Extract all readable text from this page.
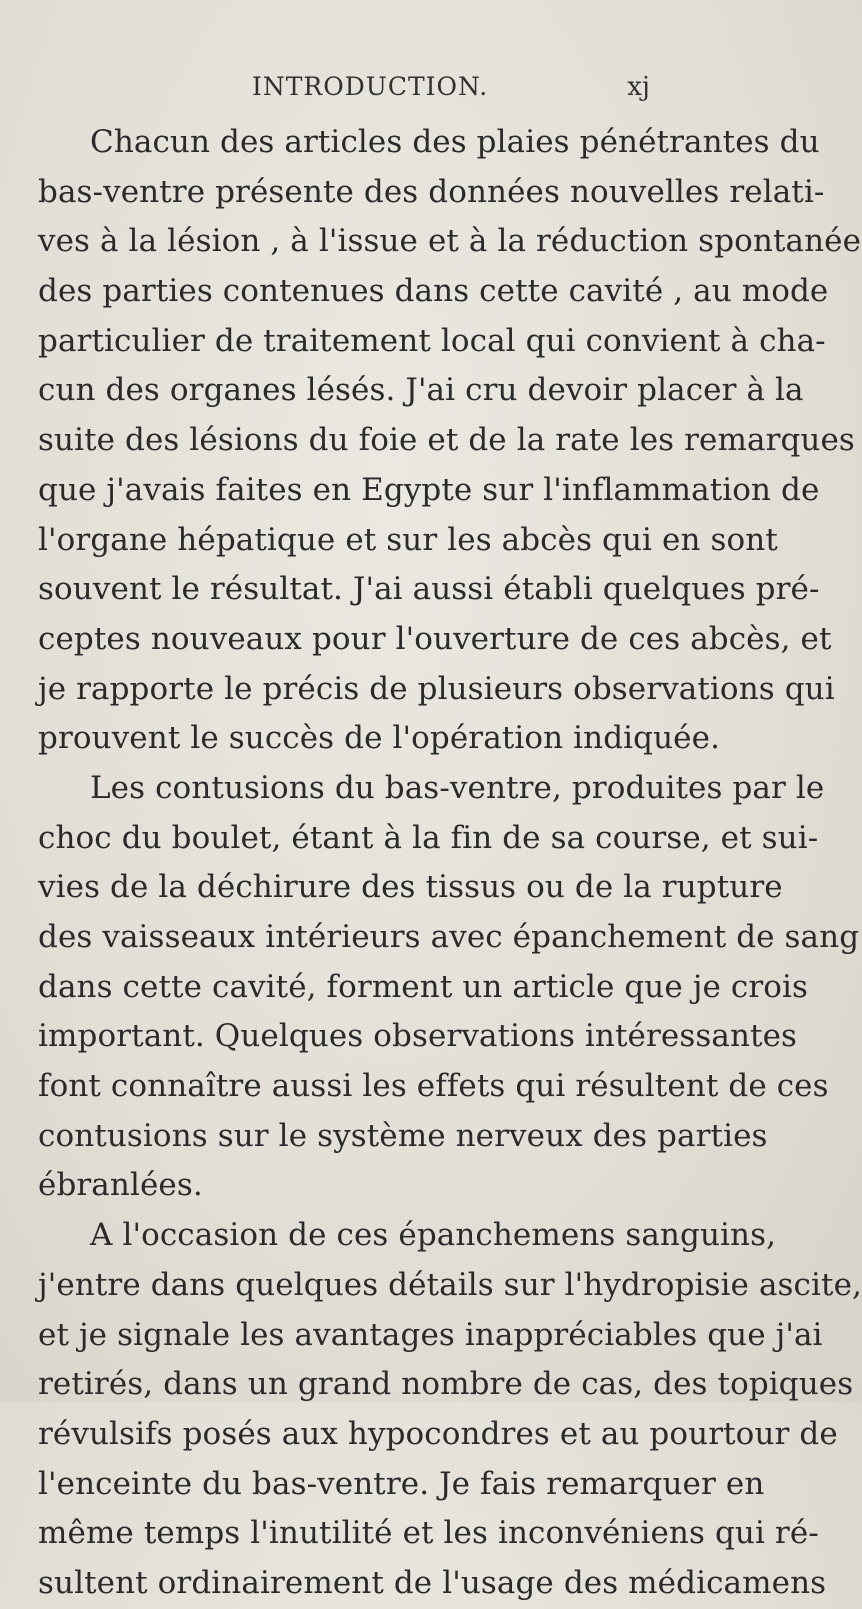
INTRODUCTION.	xj
Chacun des articles des plaies pénétrantes du
bas-ventre présente des données nouvelles relati-
ves à la lésion , à l'issue et à la réduction spontanée
des parties contenues dans cette cavité , au mode
particulier de traitement local qui convient à cha-
cun des organes lésés. J'ai cru devoir placer à la
suite des lésions du foie et de la rate les remarques
que j'avais faites en Egypte sur l'inflammation de
l'organe hépatique et sur les abcès qui en sont
souvent le résultat. J'ai aussi établi quelques pré-
ceptes nouveaux pour l'ouverture de ces abcès, et
je rapporte le précis de plusieurs observations qui
prouvent le succès de l'opération indiquée.
Les contusions du bas-ventre, produites par le
choc du boulet, étant à la fin de sa course, et sui-
vies de la déchirure des tissus ou de la rupture
des vaisseaux intérieurs avec épanchement de sang
dans cette cavité, forment un article que je crois
important. Quelques observations intéressantes
font connaître aussi les effets qui résultent de ces
contusions sur le système nerveux des parties
ébranlées.
A l'occasion de ces épanchemens sanguins,
j'entre dans quelques détails sur l'hydropisie ascite,
et je signale les avantages inappréciables que j'ai
retirés, dans un grand nombre de cas, des topiques
révulsifs posés aux hypocondres et au pourtour de
l'enceinte du bas-ventre. Je fais remarquer en
même temps l'inutilité et les inconvéniens qui ré-
sultent ordinairement de l'usage des médicamens
